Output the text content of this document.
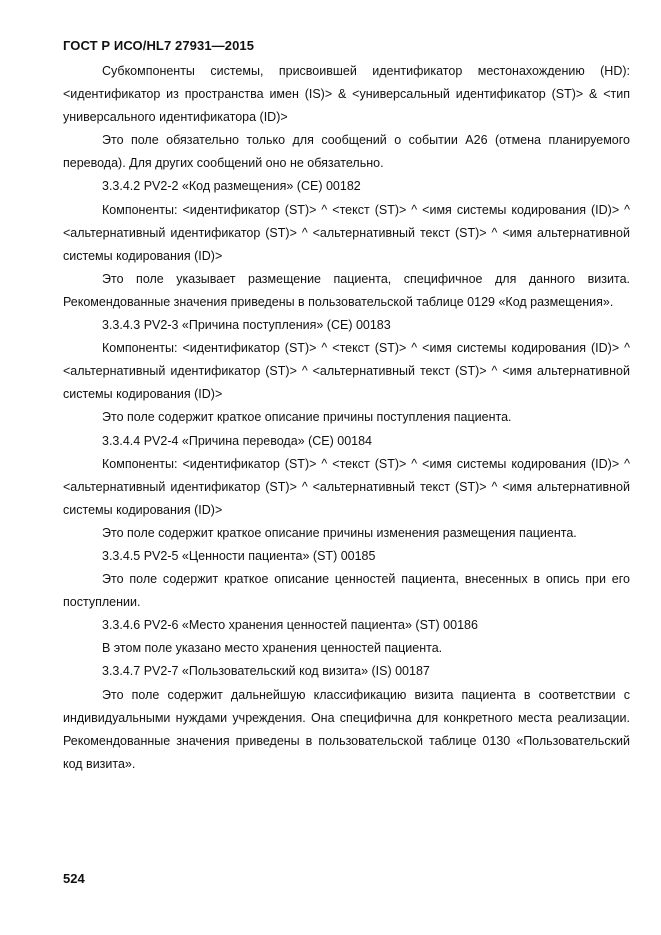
ГОСТ Р ИСО/HL7 27931—2015

Субкомпоненты системы, присвоившей идентификатор местонахождению (HD): <идентификатор из пространства имен (IS)> & <универсальный идентификатор (ST)> & <тип универсального идентификатора (ID)>

Это поле обязательно только для сообщений о событии A26 (отмена планируемого перевода). Для других сообщений оно не обязательно.

3.3.4.2 PV2-2 «Код размещения» (CE) 00182

Компоненты: <идентификатор (ST)> ^ <текст (ST)> ^ <имя системы кодирования (ID)> ^ <альтернативный идентификатор (ST)> ^ <альтернативный текст (ST)> ^ <имя альтернативной системы кодирования (ID)>

Это поле указывает размещение пациента, специфичное для данного визита. Рекомендованные значения приведены в пользовательской таблице 0129 «Код размещения».

3.3.4.3 PV2-3 «Причина поступления» (CE) 00183

Компоненты: <идентификатор (ST)> ^ <текст (ST)> ^ <имя системы кодирования (ID)> ^ <альтернативный идентификатор (ST)> ^ <альтернативный текст (ST)> ^ <имя альтернативной системы кодирования (ID)>

Это поле содержит краткое описание причины поступления пациента.

3.3.4.4 PV2-4 «Причина перевода» (CE) 00184

Компоненты: <идентификатор (ST)> ^ <текст (ST)> ^ <имя системы кодирования (ID)> ^ <альтернативный идентификатор (ST)> ^ <альтернативный текст (ST)> ^ <имя альтернативной системы кодирования (ID)>

Это поле содержит краткое описание причины изменения размещения пациента.

3.3.4.5 PV2-5 «Ценности пациента» (ST) 00185

Это поле содержит краткое описание ценностей пациента, внесенных в опись при его поступлении.

3.3.4.6 PV2-6 «Место хранения ценностей пациента» (ST) 00186

В этом поле указано место хранения ценностей пациента.

3.3.4.7 PV2-7 «Пользовательский код визита» (IS) 00187

Это поле содержит дальнейшую классификацию визита пациента в соответствии с индивидуальными нуждами учреждения. Она специфична для конкретного места реализации. Рекомендованные значения приведены в пользовательской таблице 0130 «Пользовательский код визита».

524
